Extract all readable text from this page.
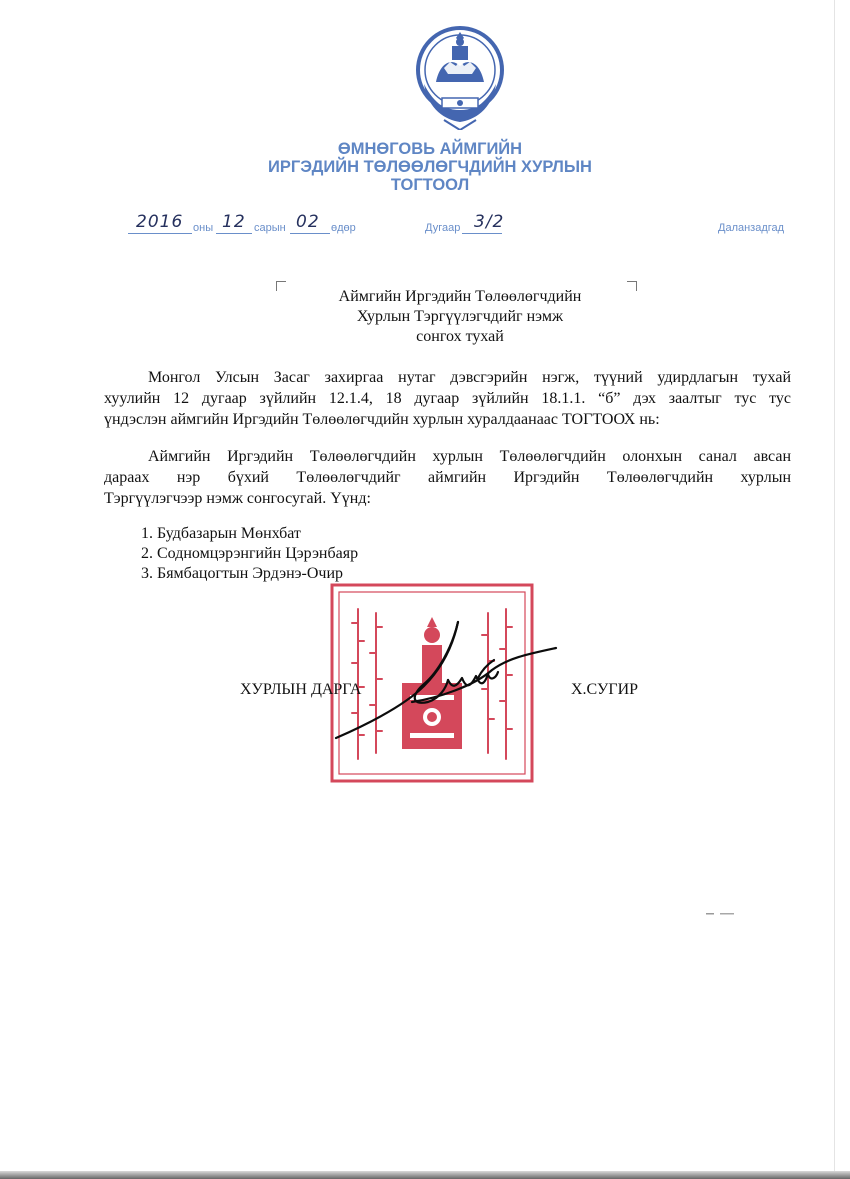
ӨМНӨГОВЬ АЙМГИЙН
ИРГЭДИЙН ТӨЛӨӨЛӨГЧДИЙН ХУРЛЫН
ТОГТООЛ
2016 оны 12 сарын 02 өдөр	Дугаар 3/2	Даланзадгад
Аймгийн Иргэдийн Төлөөлөгчдийн
Хурлын Тэргүүлэгчдийг нэмж
сонгох тухай
Монгол Улсын Засаг захиргаа нутаг дэвсгэрийн нэгж, түүний удирдлагын тухай
хуулийн 12 дугаар зүйлийн 12.1.4, 18 дугаар зүйлийн 18.1.1. “б” дэх заалтыг тус тус
үндэслэн аймгийн Иргэдийн Төлөөлөгчдийн хурлын хуралдаанаас ТОГТООХ нь:
Аймгийн Иргэдийн Төлөөлөгчдийн хурлын Төлөөлөгчдийн олонхын санал авсан
дараах нэр бүхий Төлөөлөгчдийг аймгийн Иргэдийн Төлөөлөгчдийн хурлын
Тэргүүлэгчээр нэмж сонгосугай. Үүнд:
1. Будбазарын Мөнхбат
2. Содномцэрэнгийн Цэрэнбаяр
3. Бямбацогтын Эрдэнэ-Очир
ХУРЛЫН ДАРГА	Х.СУГИР
